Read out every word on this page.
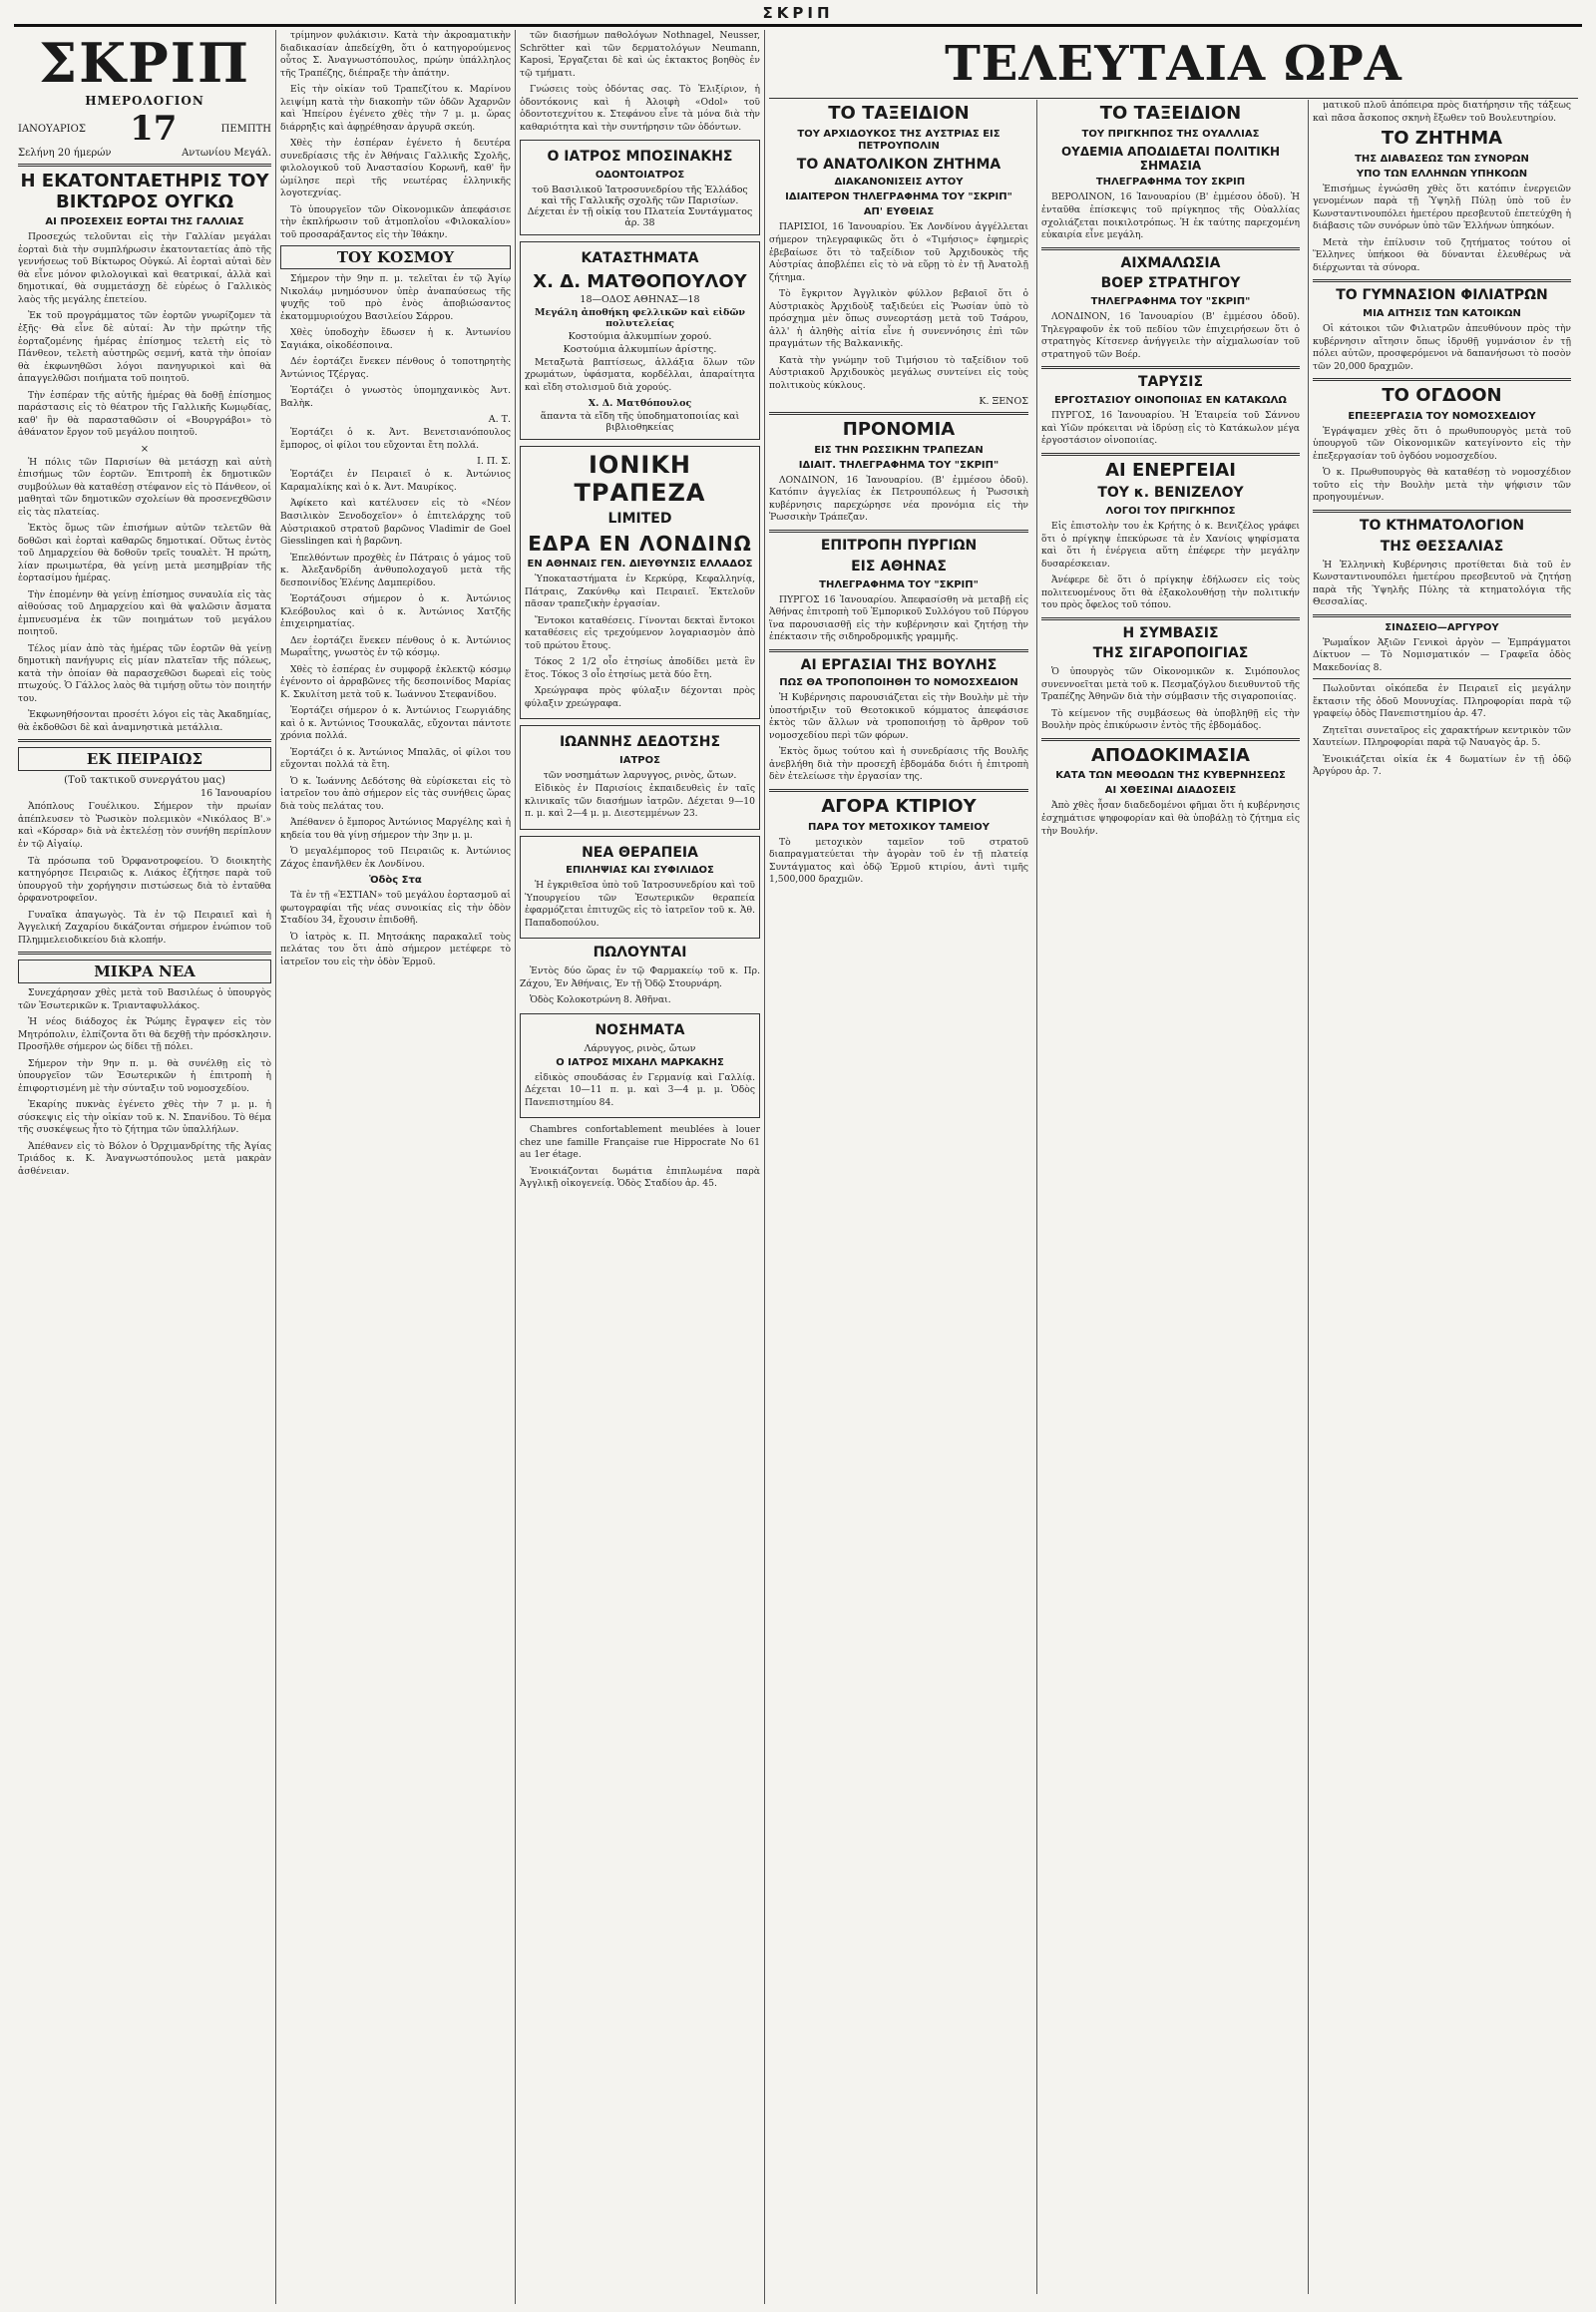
ΣΚΡΙΠ
ΣΚΡΙΠ
ΗΜΕΡΟΛΟΓΙΟΝ
ΙΑΝΟΥΑΡΙΟΣ 17	ΠΕΜΠΤΗ
Σελήνη 20 ήμερών	Αντωνίου Μεγάλ.
Η ΕΚΑΤΟΝΤΑΕΤΗΡΙΣ ΤΟΥ ΒΙΚΤΩΡΟΣ ΟΥΓΚΩ
ΑΙ ΠΡΟΣΕΧΕΙΣ ΕΟΡΤΑΙ ΤΗΣ ΓΑΛΛΙΑΣ

Προσεχώς τελοῦνται εἰς τὴν Γαλλίαν μεγάλαι ἑορταὶ διὰ τὴν συμπλήρωσιν ἑκατονταετίας ἀπὸ τῆς γεννήσεως τοῦ Βίκτωρος Οὐγκώ. Αἱ ἑορταὶ αὐταὶ δὲν θὰ εἶνε μόνον φιλολογικαὶ καὶ θεατρικαί, ἀλλὰ καὶ δημοτικαί, θὰ συμμετάσχῃ δὲ εὐρέως ὁ Γαλλικὸς λαὸς τῆς μεγάλης ἑπετείου.

Ἐκ τοῦ προγράμματος τῶν ἑορτῶν γνωρίζομεν τὰ ἑξῆς· Θὰ εἶνε δὲ αὐταί: Ἀν τὴν πρώτην τῆς ἑορταζομένης ἡμέρας ἐπίσημος τελετὴ εἰς τὸ Πάνθεον, τελετὴ αὐστηρῶς σεμνή, κατὰ τὴν ὁποίαν θὰ ἐκφωνηθῶσι λόγοι πανηγυρικοὶ καὶ θὰ ἀπαγγελθῶσι ποιήματα τοῦ ποιητοῦ.

Τὴν ἑσπέραν τῆς αὐτῆς ἡμέρας θὰ δοθῇ ἐπίσημος παράστασις εἰς τὸ θέατρον τῆς Γαλλικῆς Κωμῳδίας, καθ' ἣν θὰ παρασταθῶσιν οἱ «Βουργράβοι» τὸ ἀθάνατον ἔργον τοῦ μεγάλου ποιητοῦ.

×

Ἡ πόλις τῶν Παρισίων θὰ μετάσχῃ καὶ αὐτὴ ἐπισήμως τῶν ἑορτῶν. Ἐπιτροπὴ ἐκ δημοτικῶν συμβούλων θὰ καταθέσῃ στέφανον εἰς τὸ Πάνθεον, οἱ μαθηταὶ τῶν δημοτικῶν σχολείων θὰ προσενεχθῶσιν εἰς τὰς πλατείας.

Ἐκτὸς ὅμως τῶν ἐπισήμων αὐτῶν τελετῶν θὰ δοθῶσι καὶ ἑορταὶ καθαρῶς δημοτικαί. Οὕτως ἐντὸς τοῦ Δημαρχείου θὰ δοθοῦν τρεῖς τουαλὲτ. Ἡ πρώτη, λίαν πρωιμωτέρα, θὰ γείνῃ μετὰ μεσημβρίαν τῆς ἑορτασίμου ἡμέρας.

Τὴν ἑπομένην θὰ γείνῃ ἐπίσημος συναυλία εἰς τὰς αἰθούσας τοῦ Δημαρχείου καὶ θὰ ψαλῶσιν ἄσματα ἐμπνευσμένα ἐκ τῶν ποιημάτων τοῦ μεγάλου ποιητοῦ.

Τέλος μίαν ἀπὸ τὰς ἡμέρας τῶν ἑορτῶν θὰ γείνῃ δημοτικὴ πανήγυρις εἰς μίαν πλατεῖαν τῆς πόλεως, κατὰ τὴν ὁποίαν θὰ παρασχεθῶσι δωρεαὶ εἰς τοὺς πτωχούς. Ὁ Γάλλος λαὸς θὰ τιμήσῃ οὕτω τὸν ποιητήν του.

Ἐκφωνηθήσονται προσέτι λόγοι εἰς τὰς Ἀκαδημίας, θὰ ἐκδοθῶσι δὲ καὶ ἀναμνηστικὰ μετάλλια.

ΕΚ ΠΕΙΡΑΙΩΣ
(Τοῦ τακτικοῦ συνεργάτου μας)
16 Ἰανουαρίου

Ἀπόπλους Γουέλικου. Σήμερον τὴν πρωίαν ἀπέπλευσεν τὸ Ῥωσικὸν πολεμικὸν «Νικόλαος Β'.» καὶ «Κόρσαρ» διὰ νὰ ἐκτελέσῃ τὸν συνήθη περίπλουν ἐν τῷ Αἰγαίῳ.

Τὰ πρόσωπα τοῦ Ὀρφανοτροφείου. Ὁ διοικητὴς κατηγόρησε Πειραιῶς κ. Λιάκος ἐζήτησε παρὰ τοῦ ὑπουργοῦ τὴν χορήγησιν πιστώσεως διὰ τὸ ἐνταῦθα ὀρφανοτροφεῖον.

Γυναῖκα ἀπαγωγὸς. Τὰ ἐν τῷ Πειραιεῖ καὶ ἡ Ἀγγελική Ζαχαρίου δικάζονται σήμερον ἐνώπιον τοῦ Πλημμελειοδικείου διὰ κλοπήν.

ΜΙΚΡΑ ΝΕΑ

Συνεχάρησαν χθὲς μετὰ τοῦ Βασιλέως ὁ ὑπουργὸς τῶν Ἐσωτερικῶν κ. Τριανταφυλλάκος.

Ἡ νέος διάδοχος ἐκ Ῥώμης ἔγραψεν εἰς τὸν Μητρόπολιν, ἐλπίζοντα ὅτι θὰ δεχθῇ τὴν πρόσκλησιν. Προσῆλθε σήμερον ὡς δίδει τῇ πόλει.

Σήμερον τὴν 9ην π. μ. θὰ συνέλθῃ εἰς τὸ ὑπουργεῖον τῶν Ἐσωτερικῶν ἡ ἐπιτροπὴ ἡ ἐπιφορτισμένη μὲ τὴν σύνταξιν τοῦ νομοσχεδίου.

Ἐκαρίης πυκνὰς ἐγένετο χθὲς τὴν 7 μ. μ. ἡ σύσκεψις εἰς τὴν οἰκίαν τοῦ κ. Ν. Σπανίδου. Τὸ θέμα τῆς συσκέψεως ἦτο τὸ ζήτημα τῶν ὑπαλλήλων.

Ἀπέθανεν εἰς τὸ Βόλον ὁ Ὀρχιμανδρίτης τῆς Ἁγίας Τριάδος κ. Κ. Ἀναγνωστόπουλος μετὰ μακρὰν ἀσθένειαν.

τρίμηνον φυλάκισιν. Κατὰ τὴν ἀκροαματικὴν διαδικασίαν ἀπεδείχθη, ὅτι ὁ κατηγορούμενος οὗτος Σ. Ἀναγνωστόπουλος, πρώην ὑπάλληλος τῆς Τραπέζης, διέπραξε τὴν ἀπάτην.

Εἰς τὴν οἰκίαν τοῦ Τραπεζίτου κ. Μαρίνου λειψίμη κατὰ τὴν διακοπὴν τῶν ὁδῶν Ἀχαρνῶν καὶ Ἠπείρου ἐγένετο χθὲς τὴν 7 μ. μ. ὥρας διάρρηξις καὶ ἀφῃρέθησαν ἀργυρᾶ σκεύη.

Χθὲς τὴν ἑσπέραν ἐγένετο ἡ δευτέρα συνεδρίασις τῆς ἐν Ἀθήναις Γαλλικῆς Σχολῆς, φιλολογικοῦ τοῦ Ἀναστασίου Κορωνῆ, καθ' ἣν ὡμίλησε περὶ τῆς νεωτέρας ἑλληνικῆς λογοτεχνίας.

Τὸ ὑπουργεῖον τῶν Οἰκονομικῶν ἀπεφάσισε τὴν ἐκπλήρωσιν τοῦ ἀτμοπλοΐου «Φιλοκαλίου» τοῦ προσαράξαντος εἰς τὴν Ἰθάκην.

ΤΟΥ ΚΟΣΜΟΥ

Σήμερον τὴν 9ην π. μ. τελεῖται ἐν τῷ Ἁγίῳ Νικολάῳ μνημόσυνον ὑπὲρ ἀναπαύσεως τῆς ψυχῆς τοῦ πρὸ ἑνὸς ἀποβιώσαντος ἐκατομμυριούχου Βασιλείου Σάρρου.

Χθὲς ὑποδοχὴν ἔδωσεν ἡ κ. Ἀντωνίου Σαγιάκα, οἰκοδέσποινα.

Δέν ἑορτάζει ἔνεκεν πένθους ὁ τοποτηρητὴς Ἀντώνιος Τζέργας.

Ἑορτάζει ὁ γνωστὸς ὑπομηχανικὸς Ἀντ. Βαλὴκ.

Α. Τ.

Ἑορτάζει ὁ κ. Ἀντ. Βενετσιανόπουλος ἔμπορος, οἱ φίλοι του εὔχονται ἔτη πολλά.

Ι. Π. Σ.

Ἑορτάζει ἐν Πειραιεῖ ὁ κ. Ἀντώνιος Καραμαλίκης καὶ ὁ κ. Ἀντ. Μαυρίκος.

Ἀφίκετο καὶ κατέλυσεν εἰς τὸ «Νέον Βασιλικὸν Ξενοδοχεῖον» ὁ ἐπιτελάρχης τοῦ Αὐστριακοῦ στρατοῦ βαρῶνος Vladimir de Goel Giesslingen καὶ ἡ βαρῶνη.

Ἐπελθόντων προχθὲς ἐν Πάτραις ὁ γάμος τοῦ κ. Ἀλεξανδρίδη ἀνθυπολοχαγοῦ μετὰ τῆς δεσποινίδος Ἑλένης Δαμπερίδου.

Ἑορτάζουσι σήμερον ὁ κ. Ἀντώνιος Κλεόβουλος καὶ ὁ κ. Ἀντώνιος Χατζῆς ἐπιχειρηματίας.

Δεν ἑορτάζει ἕνεκεν πένθους ὁ κ. Ἀντώνιος Μωραΐτης, γνωστὸς ἐν τῷ κόσμῳ.

Χθὲς τὸ ἑσπέρας ἐν συμφορᾷ ἐκλεκτῷ κόσμῳ ἐγένοντο οἱ ἀρραβῶνες τῆς δεσποινίδος Μαρίας Κ. Σκυλίτση μετὰ τοῦ κ. Ἰωάννου Στεφανίδου.

Ἑορτάζει σήμερον ὁ κ. Ἀντώνιος Γεωργιάδης καὶ ὁ κ. Ἀντώνιος Τσουκαλᾶς, εὔχονται πάντοτε χρόνια πολλά.

Ἑορτάζει ὁ κ. Ἀντώνιος Μπαλᾶς, οἱ φίλοι του εὔχονται πολλά τὰ ἔτη.

Ὁ κ. Ἰωάννης Δεδότσης θὰ εὑρίσκεται εἰς τὸ ἰατρεῖον του ἀπὸ σήμερον εἰς τὰς συνήθεις ὥρας διὰ τοὺς πελάτας του.

Ἀπέθανεν ὁ ἔμπορος Ἀντώνιος Μαργέλης καὶ ἡ κηδεία του θὰ γίνῃ σήμερον τὴν 3ην μ. μ.

Ὁ μεγαλέμπορος τοῦ Πειραιῶς κ. Ἀντώνιος Ζάχος ἐπανῆλθεν ἐκ Λονδίνου.

Ὁδὸς Στα

Τὰ ἐν τῇ «ἙΣΤΙΑΝ» τοῦ μεγάλου ἑορτασμοῦ αἱ φωτογραφίαι τῆς νέας συνοικίας εἰς τὴν ὁδὸν Σταδίου 34, ἔχουσιν ἐπιδοθῆ.

Ὁ ἰατρὸς κ. Π. Μητσάκης παρακαλεῖ τοὺς πελάτας του ὅτι ἀπὸ σήμερον μετέφερε τὸ ἰατρεῖον του εἰς τὴν ὁδὸν Ἑρμοῦ.

τῶν διασήμων παθολόγων Nothnagel, Neusser, Schrötter καὶ τῶν δερματολόγων Neumann, Kaposi, Ἐργαζεται δὲ καὶ ὡς ἐκτακτος βοηθὸς ἐν τῷ τμήματι.

Γνώσεις τοὺς ὀδόντας σας. Τὸ Ἑλιξίριον, ἡ ὀδοντόκονις καὶ ἡ Ἀλοιφὴ «Odol» τοῦ ὀδοντοτεχνίτου κ. Στεφάνου εἶνε τὰ μόνα διὰ τὴν καθαριότητα καὶ τὴν συντήρησιν τῶν ὀδόντων.

Ο ΙΑΤΡΟΣ ΜΠΟΣΙΝΑΚΗΣ
ΟΔΟΝΤΟΙΑΤΡΟΣ
τοῦ Βασιλικοῦ Ἰατροσυνεδρίου τῆς Ἑλλάδος καὶ τῆς Γαλλικῆς σχολῆς τῶν Παρισίων. Δέχεται ἐν τῇ οἰκίᾳ του Πλατεία Συντάγματος ἀρ. 38
ΚΑΤΑΣΤΗΜΑΤΑ
Χ. Δ. ΜΑΤΘΟΠΟΥΛΟΥ
18—ΟΔΟΣ ΑΘΗΝΑΣ—18
Μεγάλη ἀποθήκη φελλικῶν καὶ εἰδῶν πολυτελείας
Κοστούμια ἀλκυμπίων χορού.
Κοστούμια ἀλκυμπίων ἀρίστης.

Μεταξωτὰ βαπτίσεως, ἀλλάξια ὅλων τῶν χρωμάτων, ὑφάσματα, κορδέλλαι, ἀπαραίτητα καὶ εἴδη στολισμοῦ διὰ χορούς.

Χ. Δ. Ματθόπουλος
ἅπαντα τὰ εἴδη τῆς ὑποδηματοποιίας καὶ βιβλιοθηκείας
ΙΟΝΙΚΗ ΤΡΑΠΕΖΑ
LIMITED
ΕΔΡΑ ΕΝ ΛΟΝΔΙΝΩ
ΕΝ ΑΘΗΝΑΙΣ ΓΕΝ. ΔΙΕΥΘΥΝΣΙΣ ΕΛΛΑΔΟΣ

Ὑποκαταστήματα ἐν Κερκύρᾳ, Κεφαλληνίᾳ, Πάτραις, Ζακύνθῳ καὶ Πειραιεῖ. Ἐκτελοῦν πᾶσαν τραπεζικὴν ἐργασίαν.

Ἔντοκοι καταθέσεις. Γίνονται δεκταὶ ἔντοκοι καταθέσεις εἰς τρεχούμενον λογαριασμὸν ἀπὸ τοῦ πρώτου ἔτους.

Τόκος 2 1/2 οἷο ἐτησίως ἀποδίδει μετὰ ἓν ἔτος. Τόκος 3 οἷο ἐτησίως μετὰ δύο ἔτη.

Χρεώγραφα πρὸς φύλαξιν δέχονται πρὸς φύλαξιν χρεώγραφα.

ΙΩΑΝΝΗΣ ΔΕΔΟΤΣΗΣ
ΙΑΤΡΟΣ
τῶν νοσημάτων λαρυγγος, ρινὸς, ὤτων.

Εἰδικὸς ἐν Παρισίοις ἐκπαιδευθεὶς ἐν ταῖς κλινικαῖς τῶν διασήμων ἰατρῶν. Δέχεται 9—10 π. μ. καὶ 2—4 μ. μ. Διεστεμμένων 23.

ΝΕΑ ΘΕΡΑΠΕΙΑ
ΕΠΙΛΗΨΙΑΣ ΚΑΙ ΣΥΦΙΛΙΔΟΣ

Ἡ ἐγκριθεῖσα ὑπὸ τοῦ Ἰατροσυνεδρίου καὶ τοῦ Ὑπουργείου τῶν Ἐσωτερικῶν θεραπεία ἐφαρμόζεται ἐπιτυχῶς εἰς τὸ ἰατρεῖον τοῦ κ. Ἀθ. Παπαδοπούλου.

ΠΩΛΟΥΝΤΑΙ

Ἐντὸς δύο ὥρας ἐν τῷ Φαρμακείῳ τοῦ κ. Πρ. Ζάχου, Ἐν Ἀθήναις, Ἐν τῇ Ὁδῷ Στουρνάρη.

Ὁδὸς Κολοκοτρώνη 8. Ἀθῆναι.

ΝΟΣΗΜΑΤΑ
Λάρυγγος, ρινὸς, ὤτων
Ο ΙΑΤΡΟΣ ΜΙΧΑΗΛ ΜΑΡΚΑΚΗΣ

εἰδικὸς σπουδάσας ἐν Γερμανίᾳ καὶ Γαλλίᾳ. Δέχεται 10—11 π. μ. καὶ 3—4 μ. μ. Ὁδὸς Πανεπιστημίου 84.

Chambres confortablement meublées à louer chez une famille Française rue Hippocrate No 61 au 1er étage.

Ἐνοικιάζονται δωμάτια ἐπιπλωμένα παρὰ Ἀγγλικῇ οἰκογενείᾳ. Ὁδὸς Σταδίου ἀρ. 45.

ΤΕΛΕΥΤΑΙΑ ΩΡΑ
ΤΟ ΤΑΞΕΙΔΙΟΝ
ΤΟΥ ΑΡΧΙΔΟΥΚΟΣ ΤΗΣ ΑΥΣΤΡΙΑΣ ΕΙΣ ΠΕΤΡΟΥΠΟΛΙΝ
ΤΟ ΑΝΑΤΟΛΙΚΟΝ ΖΗΤΗΜΑ
ΔΙΑΚΑΝΟΝΙΣΕΙΣ ΑΥΤΟΥ
ΙΔΙΑΙΤΕΡΟΝ ΤΗΛΕΓΡΑΦΗΜΑ ΤΟΥ "ΣΚΡΙΠ"
ΑΠ' ΕΥΘΕΙΑΣ

ΠΑΡΙΣΙΟΙ, 16 Ἰανουαρίου. Ἐκ Λονδίνου ἀγγέλλεται σήμερον τηλεγραφικῶς ὅτι ὁ «Τιμήσιος» ἐφημερὶς ἐβεβαίωσε ὅτι τὸ ταξείδιον τοῦ Ἀρχιδουκὸς τῆς Αὐστρίας ἀποβλέπει εἰς τὸ νὰ εὕρῃ τὸ ἐν τῇ Ἀνατολῇ ζήτημα.

Τὸ ἔγκριτον Ἀγγλικὸν φύλλον βεβαιοῖ ὅτι ὁ Αὐστριακὸς Ἀρχιδοὺξ ταξιδεύει εἰς Ῥωσίαν ὑπὸ τὸ πρόσχημα μὲν ὅπως συνεορτάσῃ μετὰ τοῦ Τσάρου, ἀλλ' ἡ ἀληθὴς αἰτία εἶνε ἡ συνεννόησις ἐπὶ τῶν πραγμάτων τῆς Βαλκανικῆς.

Κατὰ τὴν γνώμην τοῦ Τιμήσιου τὸ ταξείδιον τοῦ Αὐστριακοῦ Ἀρχιδουκὸς μεγάλως συντείνει εἰς τοὺς πολιτικοὺς κύκλους.

Κ. ΞΕΝΟΣ
ΠΡΟΝΟΜΙΑ
ΕΙΣ ΤΗΝ ΡΩΣΣΙΚΗΝ ΤΡΑΠΕΖΑΝ
ΙΔΙΑΙΤ. ΤΗΛΕΓΡΑΦΗΜΑ ΤΟΥ "ΣΚΡΙΠ"

ΛΟΝΔΙΝΟΝ, 16 Ἰανουαρίου. (Β' ἐμμέσου ὁδοῦ). Κατόπιν ἀγγελίας ἐκ Πετρουπόλεως ἡ Ῥωσσικὴ κυβέρνησις παρεχώρησε νέα προνόμια εἰς τὴν Ῥωσσικὴν Τράπεζαν.

ΕΠΙΤΡΟΠΗ ΠΥΡΓΙΩΝ
ΕΙΣ ΑΘΗΝΑΣ
ΤΗΛΕΓΡΑΦΗΜΑ ΤΟΥ "ΣΚΡΙΠ"

ΠΥΡΓΟΣ 16 Ἰανουαρίου. Ἀπεφασίσθη νὰ μεταβῇ εἰς Ἀθήνας ἐπιτροπὴ τοῦ Ἐμπορικοῦ Συλλόγου τοῦ Πύργου ἵνα παρουσιασθῇ εἰς τὴν κυβέρνησιν καὶ ζητήσῃ τὴν ἐπέκτασιν τῆς σιδηροδρομικῆς γραμμῆς.

ΑΙ ΕΡΓΑΣΙΑΙ ΤΗΣ ΒΟΥΛΗΣ
ΠΩΣ ΘΑ ΤΡΟΠΟΠΟΙΗΘΗ ΤΟ ΝΟΜΟΣΧΕΔΙΟΝ

Ἡ Κυβέρνησις παρουσιάζεται εἰς τὴν Βουλὴν μὲ τὴν ὑποστήριξιν τοῦ Θεοτοκικοῦ κόμματος ἀπεφάσισε ἐκτὸς τῶν ἄλλων νὰ τροποποιήσῃ τὸ ἄρθρον τοῦ νομοσχεδίου περὶ τῶν φόρων.

Ἐκτὸς ὅμως τούτου καὶ ἡ συνεδρίασις τῆς Βουλῆς ἀνεβλήθη διὰ τὴν προσεχῆ ἑβδομάδα διότι ἡ ἐπιτροπὴ δὲν ἐτελείωσε τὴν ἐργασίαν της.

ΑΓΟΡΑ ΚΤΙΡΙΟΥ
ΠΑΡΑ ΤΟΥ ΜΕΤΟΧΙΚΟΥ ΤΑΜΕΙΟΥ

Τὸ μετοχικὸν ταμεῖον τοῦ στρατοῦ διαπραγματεύεται τὴν ἀγορὰν τοῦ ἐν τῇ πλατείᾳ Συντάγματος καὶ ὁδῷ Ἑρμοῦ κτιρίου, ἀντὶ τιμῆς 1,500,000 δραχμῶν.

ΤΟ ΤΑΞΕΙΔΙΟΝ
ΤΟΥ ΠΡΙΓΚΗΠΟΣ ΤΗΣ ΟΥΑΛΛΙΑΣ
ΟΥΔΕΜΙΑ ΑΠΟΔΙΔΕΤΑΙ ΠΟΛΙΤΙΚΗ ΣΗΜΑΣΙΑ
ΤΗΛΕΓΡΑΦΗΜΑ ΤΟΥ ΣΚΡΙΠ

ΒΕΡΟΛΙΝΟΝ, 16 Ἰανουαρίου (Β' ἐμμέσου ὁδοῦ). Ἡ ἐνταῦθα ἐπίσκεψις τοῦ πρίγκηπος τῆς Οὐαλλίας σχολιάζεται ποικιλοτρόπως. Ἡ ἐκ ταύτης παρεχομένη εὐκαιρία εἶνε μεγάλη.

ΑΙΧΜΑΛΩΣΙΑ
ΒΟΕΡ ΣΤΡΑΤΗΓΟΥ
ΤΗΛΕΓΡΑΦΗΜΑ ΤΟΥ "ΣΚΡΙΠ"

ΛΟΝΔΙΝΟΝ, 16 Ἰανουαρίου (Β' ἐμμέσου ὁδοῦ). Τηλεγραφοῦν ἐκ τοῦ πεδίου τῶν ἐπιχειρήσεων ὅτι ὁ στρατηγὸς Κίτσενερ ἀνήγγειλε τὴν αἰχμαλωσίαν τοῦ στρατηγοῦ τῶν Βοέρ.

ΤΑΡΥΣΙΣ
ΕΡΓΟΣΤΑΣΙΟΥ ΟΙΝΟΠΟΙΙΑΣ ΕΝ ΚΑΤΑΚΩΛΩ

ΠΥΡΓΟΣ, 16 Ἰανουαρίου. Ἡ Ἑταιρεία τοῦ Σάννου καὶ Υἱῶν πρόκειται νὰ ἱδρύσῃ εἰς τὸ Κατάκωλον μέγα ἐργοστάσιον οἰνοποιίας.

ΑΙ ΕΝΕΡΓΕΙΑΙ
ΤΟΥ κ. ΒΕΝΙΖΕΛΟΥ
ΛΟΓΟΙ ΤΟΥ ΠΡΙΓΚΗΠΟΣ

Εἰς ἐπιστολὴν του ἐκ Κρήτης ὁ κ. Βενιζέλος γράφει ὅτι ὁ πρίγκηψ ἐπεκύρωσε τὰ ἐν Χανίοις ψηφίσματα καὶ ὅτι ἡ ἐνέργεια αὕτη ἐπέφερε τὴν μεγάλην δυσαρέσκειαν.

Ἀνέφερε δὲ ὅτι ὁ πρίγκηψ ἐδήλωσεν εἰς τοὺς πολιτευομένους ὅτι θὰ ἐξακολουθήσῃ τὴν πολιτικήν του πρὸς ὄφελος τοῦ τόπου.

Η ΣΥΜΒΑΣΙΣ
ΤΗΣ ΣΙΓΑΡΟΠΟΙΓΙΑΣ

Ὁ ὑπουργὸς τῶν Οἰκονομικῶν κ. Σιμόπουλος συνεννοεῖται μετὰ τοῦ κ. Πεσμαζόγλου διευθυντοῦ τῆς Τραπέζης Ἀθηνῶν διὰ τὴν σύμβασιν τῆς σιγαροποιίας.

Τὸ κείμενον τῆς συμβάσεως θὰ ὑποβληθῇ εἰς τὴν Βουλὴν πρὸς ἐπικύρωσιν ἐντὸς τῆς ἑβδομάδος.

ΑΠΟΔΟΚΙΜΑΣΙΑ
ΚΑΤΑ ΤΩΝ ΜΕΘΟΔΩΝ ΤΗΣ ΚΥΒΕΡΝΗΣΕΩΣ
ΑΙ ΧΘΕΣΙΝΑΙ ΔΙΑΔΟΣΕΙΣ

Ἀπὸ χθὲς ἦσαν διαδεδομένοι φῆμαι ὅτι ἡ κυβέρνησις ἐσχημάτισε ψηφοφορίαν καὶ θὰ ὑποβάλῃ τὸ ζήτημα εἰς τὴν Βουλήν.

ματικοῦ πλοῦ ἀπόπειρα πρὸς διατήρησιν τῆς τάξεως καὶ πᾶσα ἄσκοπος σκηνὴ ἔξωθεν τοῦ Βουλευτηρίου.

ΤΟ ΖΗΤΗΜΑ
ΤΗΣ ΔΙΑΒΑΣΕΩΣ ΤΩΝ ΣΥΝΟΡΩΝ
ΥΠΟ ΤΩΝ ΕΛΛΗΝΩΝ ΥΠΗΚΟΩΝ

Ἐπισήμως ἐγνώσθη χθὲς ὅτι κατόπιν ἐνεργειῶν γενομένων παρὰ τῇ Ὑψηλῇ Πύλῃ ὑπὸ τοῦ ἐν Κωνσταντινουπόλει ἡμετέρου πρεσβευτοῦ ἐπετεύχθη ἡ διάβασις τῶν συνόρων ὑπὸ τῶν Ἑλλήνων ὑπηκόων.

Μετὰ τὴν ἐπίλυσιν τοῦ ζητήματος τούτου οἱ Ἕλληνες ὑπήκοοι θὰ δύνανται ἐλευθέρως νὰ διέρχωνται τὰ σύνορα.

ΤΟ ΓΥΜΝΑΣΙΟΝ ΦΙΛΙΑΤΡΩΝ
ΜΙΑ ΑΙΤΗΣΙΣ ΤΩΝ ΚΑΤΟΙΚΩΝ

Οἱ κάτοικοι τῶν Φιλιατρῶν ἀπευθύνουν πρὸς τὴν κυβέρνησιν αἴτησιν ὅπως ἱδρυθῇ γυμνάσιον ἐν τῇ πόλει αὐτῶν, προσφερόμενοι νὰ δαπανήσωσι τὸ ποσὸν τῶν 20,000 δραχμῶν.

ΤΟ ΟΓΔΟΟΝ
ΕΠΕΞΕΡΓΑΣΙΑ ΤΟΥ ΝΟΜΟΣΧΕΔΙΟΥ

Ἐγράψαμεν χθὲς ὅτι ὁ πρωθυπουργὸς μετὰ τοῦ ὑπουργοῦ τῶν Οἰκονομικῶν κατεγίνοντο εἰς τὴν ἐπεξεργασίαν τοῦ ὀγδόου νομοσχεδίου.

Ὁ κ. Πρωθυπουργὸς θὰ καταθέσῃ τὸ νομοσχέδιον τοῦτο εἰς τὴν Βουλὴν μετὰ τὴν ψήφισιν τῶν προηγουμένων.

ΤΟ ΚΤΗΜΑΤΟΛΟΓΙΟΝ
ΤΗΣ ΘΕΣΣΑΛΙΑΣ

Ἡ Ἑλληνικὴ Κυβέρνησις προτίθεται διὰ τοῦ ἐν Κωνσταντινουπόλει ἡμετέρου πρεσβευτοῦ νὰ ζητήσῃ παρὰ τῆς Ὑψηλῆς Πύλης τὰ κτηματολόγια τῆς Θεσσαλίας.

ΣΙΝΔΣΕΙΟ—ΑΡΓΥΡΟΥ

Ῥωμαΐκον Ἀξιῶν Γενικοὶ ἀργὸν — Ἐμπράγματοι Δίκτυον — Τὸ Νομισματικόν — Γραφεῖα ὁδὸς Μακεδονίας 8.

Πωλοῦνται οἰκόπεδα ἐν Πειραιεῖ εἰς μεγάλην ἔκτασιν τῆς ὁδοῦ Μουνυχίας. Πληροφορίαι παρὰ τῷ γραφείῳ ὁδὸς Πανεπιστημίου ἀρ. 47.

Ζητεῖται συνεταῖρος εἰς χαρακτήρων κεντρικὸν τῶν Χαυτείων. Πληροφορίαι παρὰ τῷ Ναυαγὸς ἀρ. 5.

Ἐνοικιάζεται οἰκία ἐκ 4 δωματίων ἐν τῇ ὁδῷ Ἀργύρου ἀρ. 7.
